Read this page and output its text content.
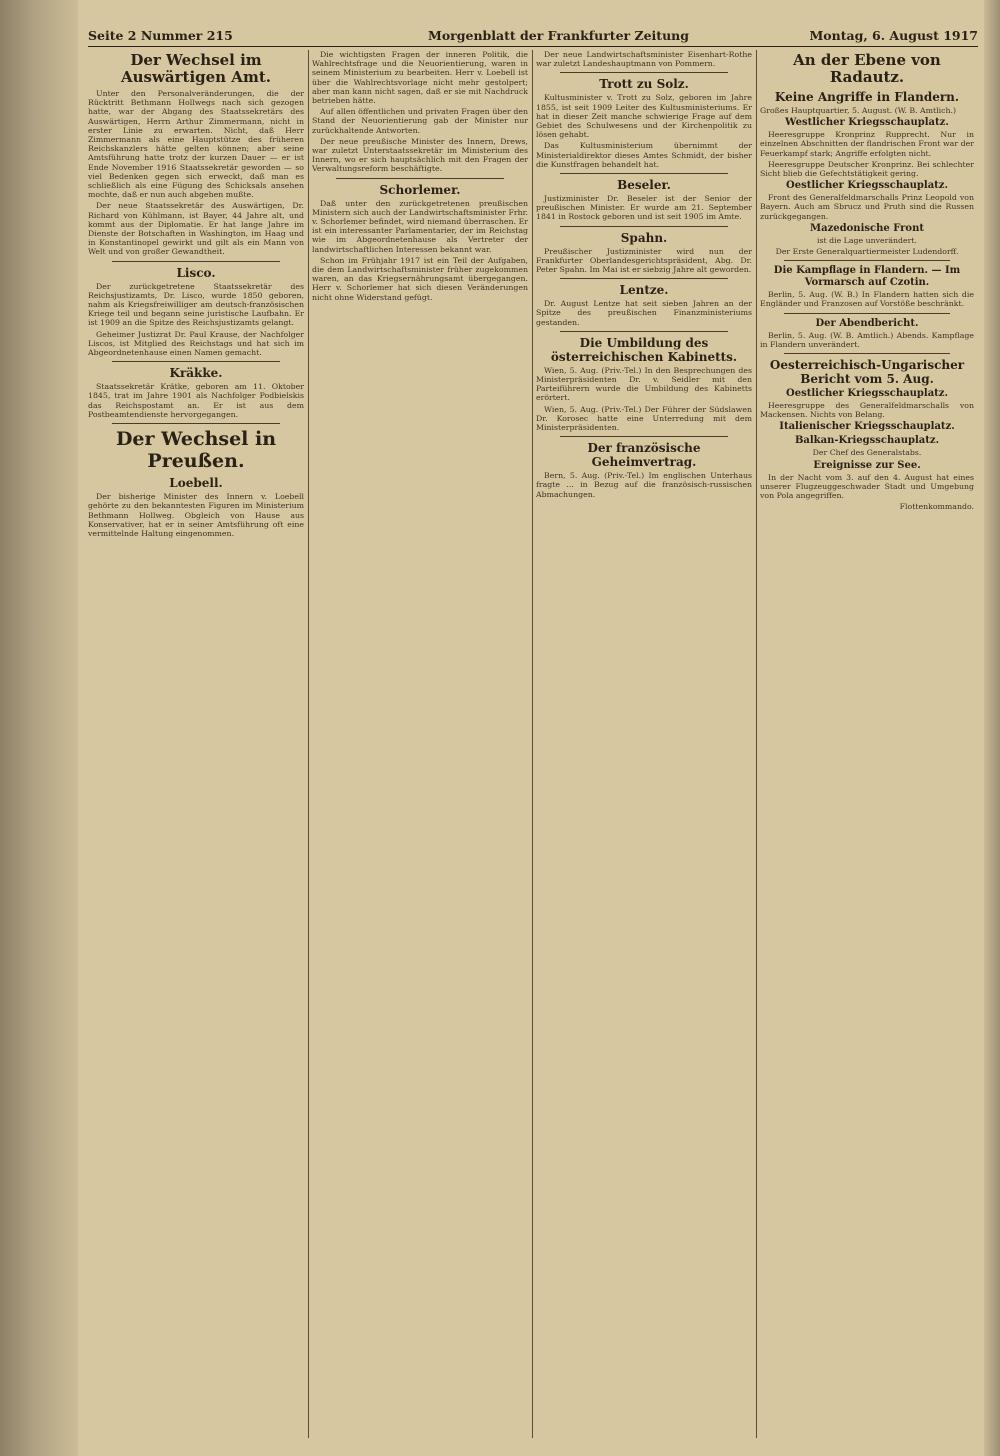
Seite 2 Nummer 215	Morgenblatt der Frankfurter Zeitung	Montag, 6. August 1917
Der Wechsel im Auswärtigen Amt.

Unter den Personalveränderungen, die der Rücktritt Bethmann Hollwegs nach sich gezogen hatte, war der Abgang des Staatssekretärs des Auswärtigen, Herrn Arthur Zimmermann, nicht in erster Linie zu erwarten. Nicht, daß Herr Zimmermann als eine Hauptstütze des früheren Reichskanzlers hätte gelten können; aber seine Amtsführung hatte trotz der kurzen Dauer — er ist Ende November 1916 Staatssekretär geworden — so viel Bedenken gegen sich erweckt, daß man es schließlich als eine Fügung des Schicksals ansehen mochte, daß er nun auch abgehen mußte.

Der neue Staatssekretär des Auswärtigen, Dr. Richard von Kühlmann, ist Bayer, 44 Jahre alt, und kommt aus der Diplomatie. Er hat lange Jahre im Dienste der Botschaften in Washington, im Haag und in Konstantinopel gewirkt und gilt als ein Mann von Welt und von großer Gewandtheit.

Lisco.

Der zurückgetretene Staatssekretär des Reichsjustizamts, Dr. Lisco, wurde 1850 geboren, nahm als Kriegsfreiwilliger am deutsch-französischen Kriege teil und begann seine juristische Laufbahn. Er ist 1909 an die Spitze des Reichsjustizamts gelangt.

Geheimer Justizrat Dr. Paul Krause, der Nachfolger Liscos, ist Mitglied des Reichstags und hat sich im Abgeordnetenhause einen Namen gemacht.

Kräkke.

Staatssekretär Krätke, geboren am 11. Oktober 1845, trat im Jahre 1901 als Nachfolger Podbielskis das Reichspostamt an. Er ist aus dem Postbeamtendienste hervorgegangen.

Der Wechsel in Preußen.
Loebell.

Der bisherige Minister des Innern v. Loebell gehörte zu den bekanntesten Figuren im Ministerium Bethmann Hollweg. Obgleich von Hause aus Konservativer, hat er in seiner Amtsführung oft eine vermittelnde Haltung eingenommen.

Die wichtigsten Fragen der inneren Politik, die Wahlrechtsfrage und die Neuorientierung, waren in seinem Ministerium zu bearbeiten. Herr v. Loebell ist über die Wahlrechtsvorlage nicht mehr gestolpert; aber man kann nicht sagen, daß er sie mit Nachdruck betrieben hätte.

Auf allen öffentlichen und privaten Fragen über den Stand der Neuorientierung gab der Minister nur zurückhaltende Antworten.

Der neue preußische Minister des Innern, Drews, war zuletzt Unterstaatssekretär im Ministerium des Innern, wo er sich hauptsächlich mit den Fragen der Verwaltungsreform beschäftigte.

Schorlemer.

Daß unter den zurückgetretenen preußischen Ministern sich auch der Landwirtschaftsminister Frhr. v. Schorlemer befindet, wird niemand überraschen. Er ist ein interessanter Parlamentarier, der im Reichstag wie im Abgeordnetenhause als Vertreter der landwirtschaftlichen Interessen bekannt war.

Schon im Frühjahr 1917 ist ein Teil der Aufgaben, die dem Landwirtschaftsminister früher zugekommen waren, an das Kriegsernährungsamt übergegangen. Herr v. Schorlemer hat sich diesen Veränderungen nicht ohne Widerstand gefügt.

Der neue Landwirtschaftsminister Eisenhart-Rothe war zuletzt Landeshauptmann von Pommern.

Trott zu Solz.

Kultusminister v. Trott zu Solz, geboren im Jahre 1855, ist seit 1909 Leiter des Kultusministeriums. Er hat in dieser Zeit manche schwierige Frage auf dem Gebiet des Schulwesens und der Kirchenpolitik zu lösen gehabt.

Das Kultusministerium übernimmt der Ministerialdirektor dieses Amtes Schmidt, der bisher die Kunstfragen behandelt hat.

Beseler.

Justizminister Dr. Beseler ist der Senior der preußischen Minister. Er wurde am 21. September 1841 in Rostock geboren und ist seit 1905 im Amte.

Spahn.

Preußischer Justizminister wird nun der Frankfurter Oberlandesgerichtspräsident, Abg. Dr. Peter Spahn. Im Mai ist er siebzig Jahre alt geworden.

Lentze.

Dr. August Lentze hat seit sieben Jahren an der Spitze des preußischen Finanzministeriums gestanden.

Die Umbildung des österreichischen Kabinetts.

Wien, 5. Aug. (Priv.-Tel.) In den Besprechungen des Ministerpräsidenten Dr. v. Seidler mit den Parteiführern wurde die Umbildung des Kabinetts erörtert.

Wien, 5. Aug. (Priv.-Tel.) Der Führer der Südslawen Dr. Korosec hatte eine Unterredung mit dem Ministerpräsidenten.

Der französische Geheimvertrag.

Bern, 5. Aug. (Priv.-Tel.) Im englischen Unterhaus fragte ... in Bezug auf die französisch-russischen Abmachungen.

An der Ebene von Radautz.
Keine Angriffe in Flandern.

Großes Hauptquartier, 5. August. (W. B. Amtlich.)

Westlicher Kriegsschauplatz.

Heeresgruppe Kronprinz Rupprecht. Nur in einzelnen Abschnitten der flandrischen Front war der Feuerkampf stark; Angriffe erfolgten nicht.

Heeresgruppe Deutscher Kronprinz. Bei schlechter Sicht blieb die Gefechtstätigkeit gering.

Oestlicher Kriegsschauplatz.

Front des Generalfeldmarschalls Prinz Leopold von Bayern. Auch am Sbrucz und Pruth sind die Russen zurückgegangen.

Mazedonische Front

ist die Lage unverändert.

Der Erste Generalquartiermeister Ludendorff.

Die Kampflage in Flandern. — Im Vormarsch auf Czotin.

Berlin, 5. Aug. (W. B.) In Flandern hatten sich die Engländer und Franzosen auf Vorstöße beschränkt.

Der Abendbericht.

Berlin, 5. Aug. (W. B. Amtlich.) Abends. Kampflage in Flandern unverändert.

Oesterreichisch-Ungarischer Bericht vom 5. Aug.
Oestlicher Kriegsschauplatz.

Heeresgruppe des Generalfeldmarschalls von Mackensen. Nichts von Belang.

Italienischer Kriegsschauplatz.
Balkan-Kriegsschauplatz.

Der Chef des Generalstabs.

Ereignisse zur See.

In der Nacht vom 3. auf den 4. August hat eines unserer Flugzeuggeschwader Stadt und Umgebung von Pola angegriffen.

Flottenkommando.
